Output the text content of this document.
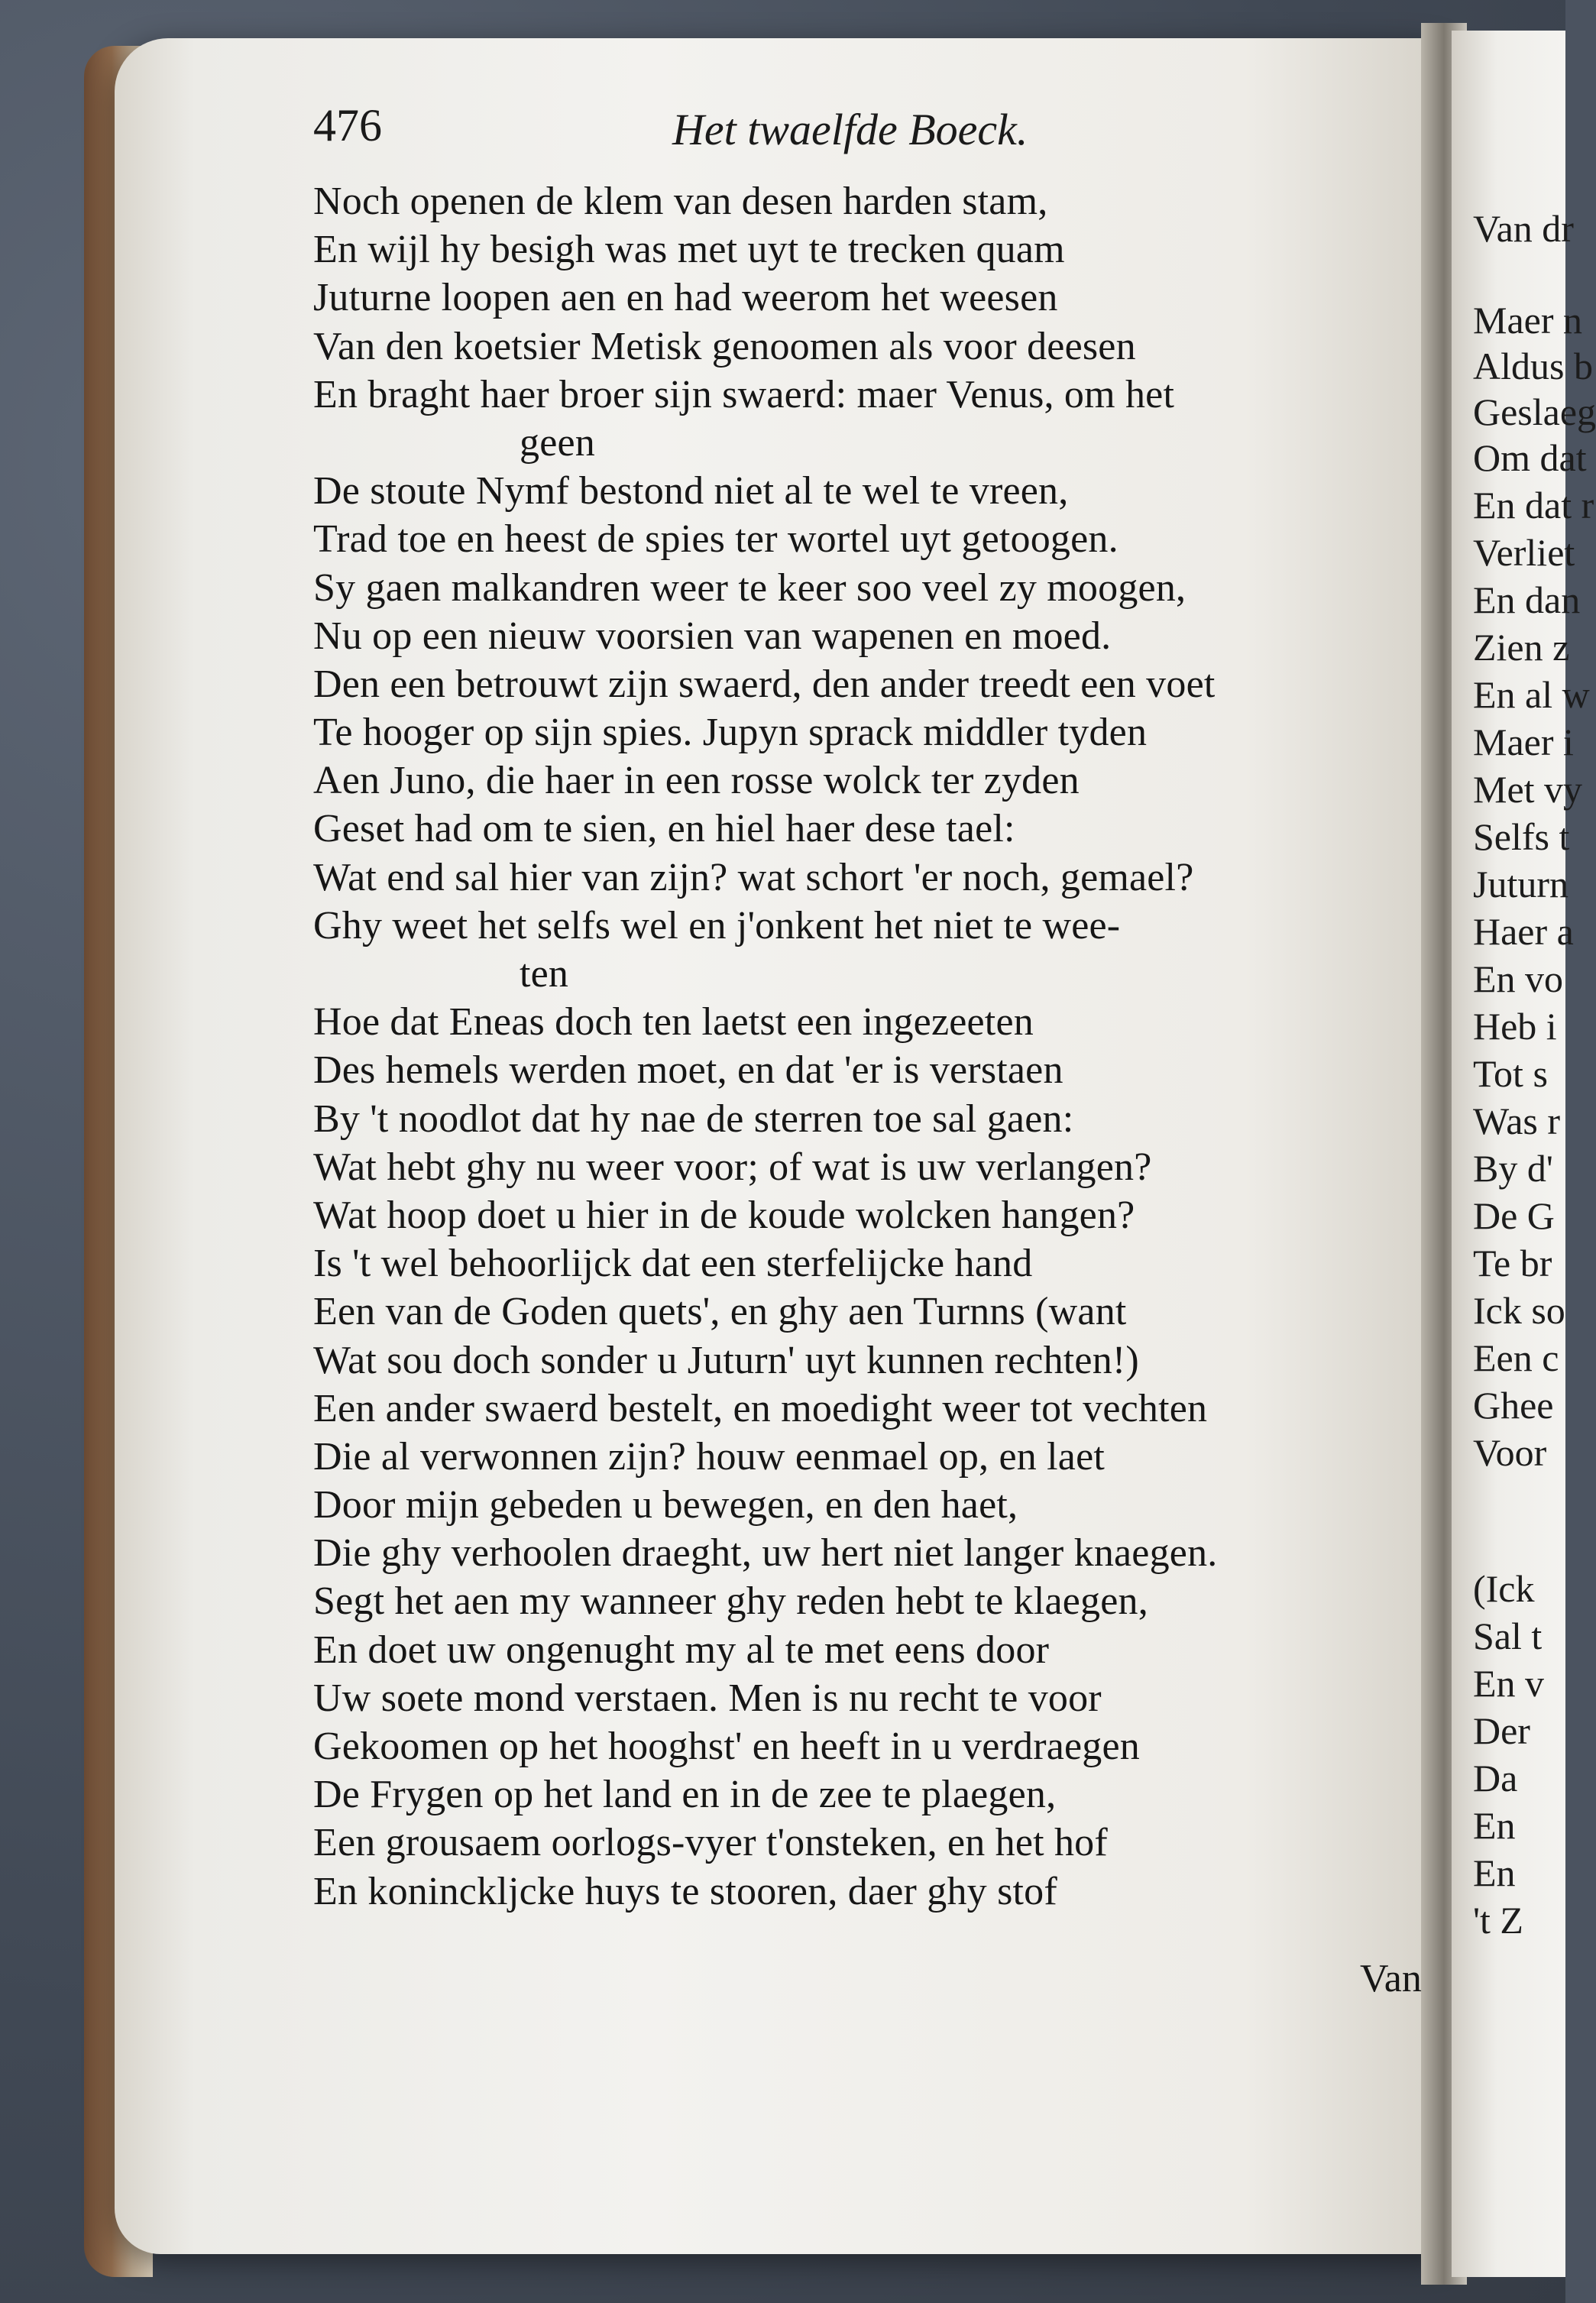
Van dr
Maer n
Aldus b
Geslaeg
Om dat
En dat r
Verliet
En dan
Zien z
En al w
Maer i
Met vy
Selfs t
Juturn
Haer a
En vo
Heb i
Tot s
Was r
By d'
De G
Te br
Ick so
Een c
Ghee
Voor
(Ick
Sal t
En v
Der
Da
En
En
't Z
476	Het twaelfde Boeck.
Noch openen de klem van desen harden stam,
En wijl hy besigh was met uyt te trecken quam
Juturne loopen aen en had weerom het weesen
Van den koetsier Metisk genoomen als voor deesen
En braght haer broer sijn swaerd: maer Venus, om het
geen
De stoute Nymf bestond niet al te wel te vreen,
Trad toe en heest de spies ter wortel uyt getoogen.
Sy gaen malkandren weer te keer soo veel zy moogen,
Nu op een nieuw voorsien van wapenen en moed.
Den een betrouwt zijn swaerd, den ander treedt een voet
Te hooger op sijn spies. Jupyn sprack middler tyden
Aen Juno, die haer in een rosse wolck ter zyden
Geset had om te sien, en hiel haer dese tael:
Wat end sal hier van zijn? wat schort 'er noch, gemael?
Ghy weet het selfs wel en j'onkent het niet te wee-
ten
Hoe dat Eneas doch ten laetst een ingezeeten
Des hemels werden moet, en dat 'er is verstaen
By 't noodlot dat hy nae de sterren toe sal gaen:
Wat hebt ghy nu weer voor; of wat is uw verlangen?
Wat hoop doet u hier in de koude wolcken hangen?
Is 't wel behoorlijck dat een sterfelijcke hand
Een van de Goden quets', en ghy aen Turnns (want
Wat sou doch sonder u Juturn' uyt kunnen rechten!)
Een ander swaerd bestelt, en moedight weer tot vechten
Die al verwonnen zijn? houw eenmael op, en laet
Door mijn gebeden u bewegen, en den haet,
Die ghy verhoolen draeght, uw hert niet langer knaegen.
Segt het aen my wanneer ghy reden hebt te klaegen,
En doet uw ongenught my al te met eens door
Uw soete mond verstaen. Men is nu recht te voor
Gekoomen op het hooghst' en heeft in u verdraegen
De Frygen op het land en in de zee te plaegen,
Een grousaem oorlogs-vyer t'onsteken, en het hof
En koninckljcke huys te stooren, daer ghy stof
Van
